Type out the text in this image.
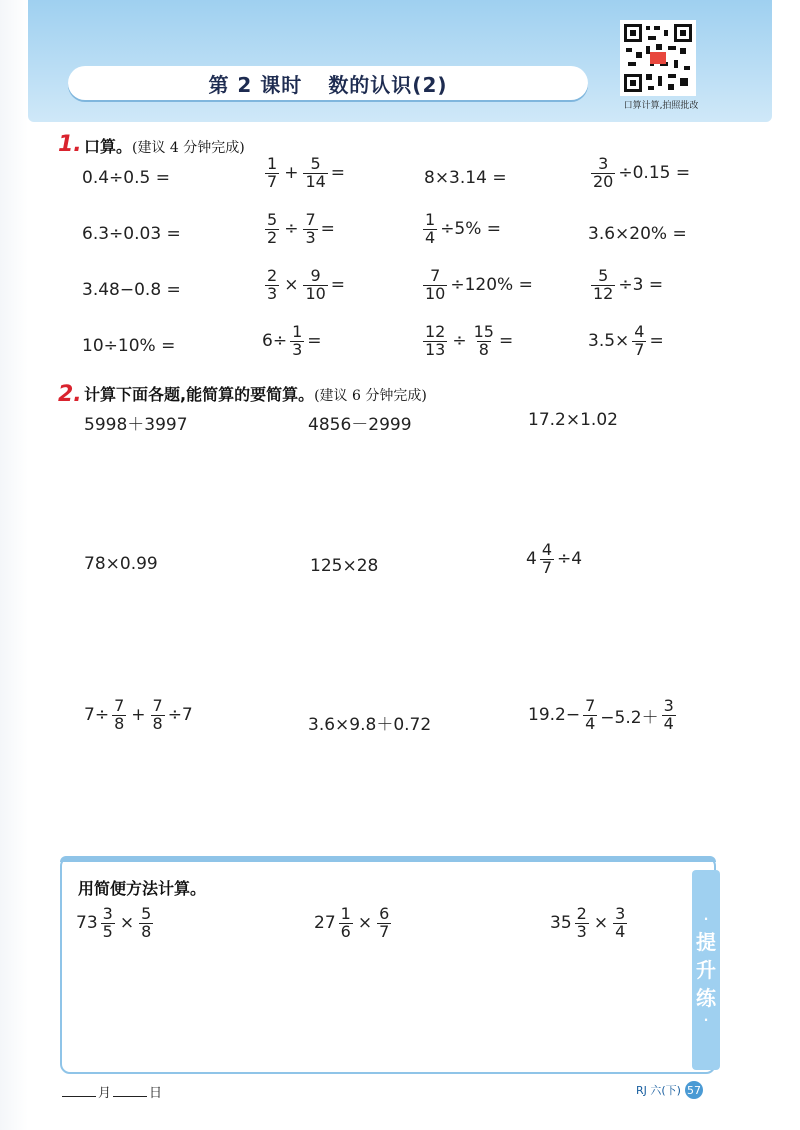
第 2 课时 数的认识(2)
口算计算,拍照批改
1. 口算。(建议 4 分钟完成)
0.4÷0.5 =	$\frac{1}{7} + \frac{5}{14}$ =	8×3.14 =	$\frac{3}{20} \div 0.15$ =
6.3÷0.03 =	$\frac{5}{2} \div \frac{7}{3}$ =	$\frac{1}{4} \div 5\%$ =	3.6×20% =
3.48−0.8 =	$\frac{2}{3} \times \frac{9}{10}$ =	$\frac{7}{10} \div 120\%$ =	$\frac{5}{12} \div 3$ =
10÷10% =	$6\div \frac{1}{3}$ =	$\frac{12}{13} \div \frac{15}{8}$ =	$3.5\times \frac{4}{7}$ =
2. 计算下面各题,能简算的要简算。(建议 6 分钟完成)
5998＋3997	4856－2999	17.2×1.02
78×0.99	125×28	$4 \frac{4}{7} \div 4$
$7\div \frac{7}{8} + \frac{7}{8} \div 7$	3.6×9.8＋0.72	$19.2- \frac{7}{4} -5.2+ \frac{3}{4}$
用简便方法计算。
·
提
升
练
·
$73 \frac{3}{5} \times \frac{5}{8}$	$27 \frac{1}{6} \times \frac{6}{7}$	$35 \frac{2}{3} \times \frac{3}{4}$
月	日	RJ 六(下) 57
